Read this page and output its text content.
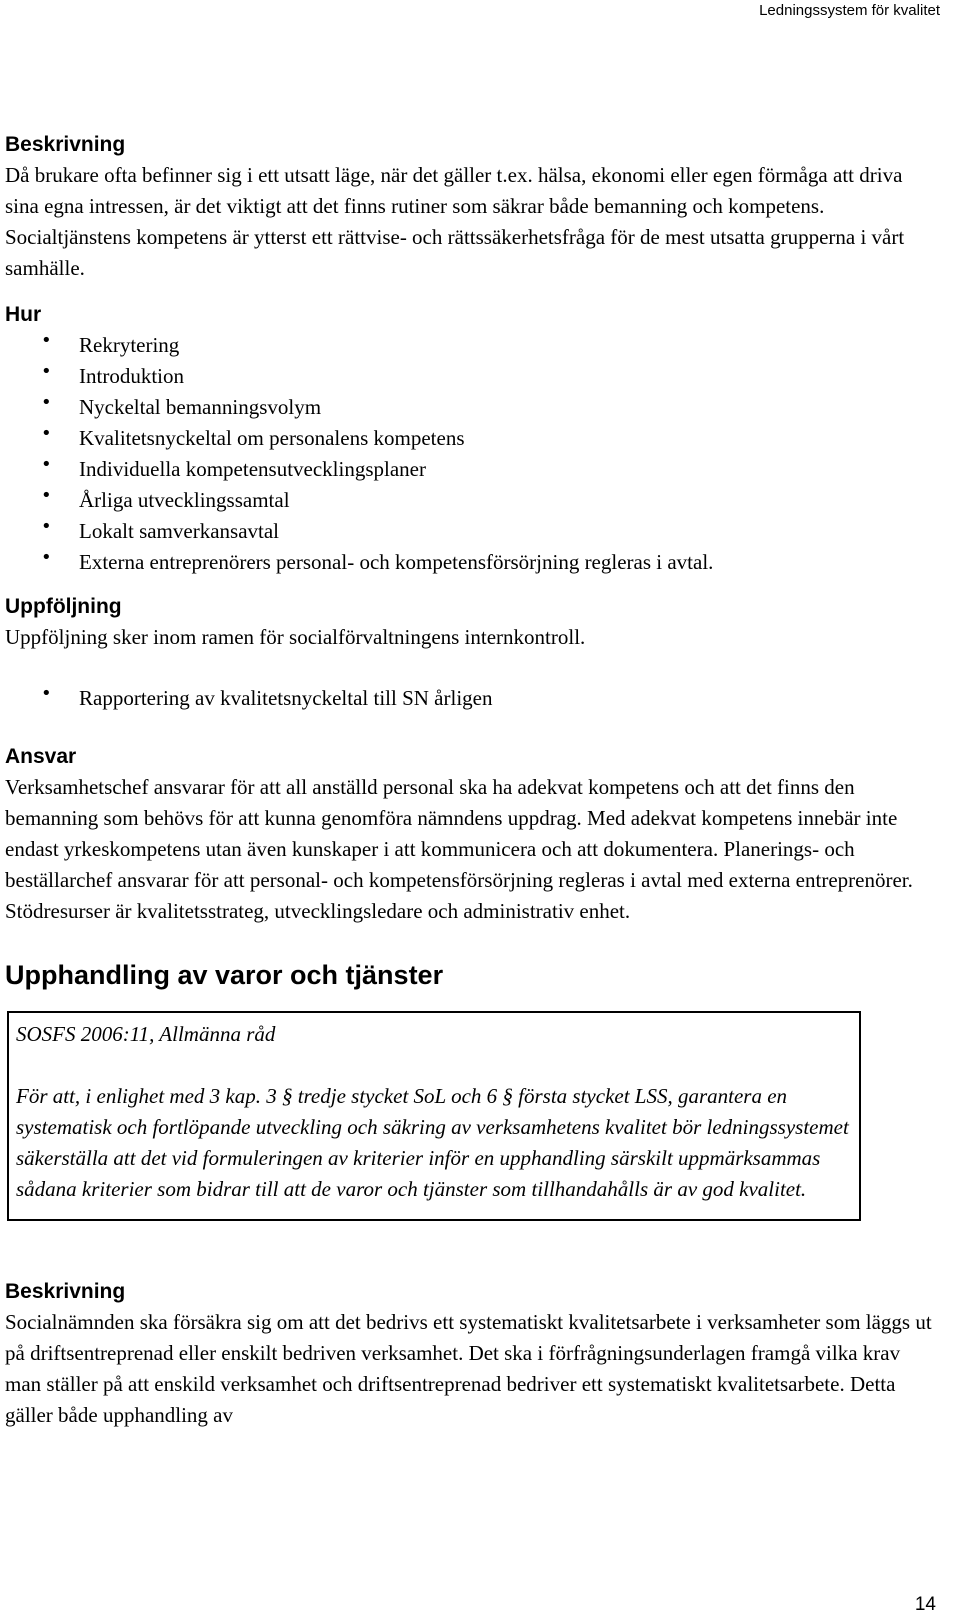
Ledningssystem för kvalitet
Beskrivning

Då brukare ofta befinner sig i ett utsatt läge, när det gäller t.ex. hälsa, ekonomi eller egen förmåga att driva sina egna intressen, är det viktigt att det finns rutiner som säkrar både bemanning och kompetens. Socialtjänstens kompetens är ytterst ett rättvise- och rättssäkerhetsfråga för de mest utsatta grupperna i vårt samhälle.

Hur
• Rekrytering
• Introduktion
• Nyckeltal bemanningsvolym
• Kvalitetsnyckeltal om personalens kompetens
• Individuella kompetensutvecklingsplaner
• Årliga utvecklingssamtal
• Lokalt samverkansavtal
• Externa entreprenörers personal- och kompetensförsörjning regleras i avtal.
Uppföljning

Uppföljning sker inom ramen för socialförvaltningens internkontroll.

• Rapportering av kvalitetsnyckeltal till SN årligen
Ansvar

Verksamhetschef ansvarar för att all anställd personal ska ha adekvat kompetens och att det finns den bemanning som behövs för att kunna genomföra nämndens uppdrag. Med adekvat kompetens innebär inte endast yrkeskompetens utan även kunskaper i att kommunicera och att dokumentera. Planerings- och beställarchef ansvarar för att personal- och kompetensförsörjning regleras i avtal med externa entreprenörer.

Stödresurser är kvalitetsstrateg, utvecklingsledare och administrativ enhet.

Upphandling av varor och tjänster

SOSFS 2006:11, Allmänna råd

För att, i enlighet med 3 kap. 3 § tredje stycket SoL och 6 § första stycket LSS, garantera en systematisk och fortlöpande utveckling och säkring av verksamhetens kvalitet bör ledningssystemet säkerställa att det vid formuleringen av kriterier inför en upphandling särskilt uppmärksammas sådana kriterier som bidrar till att de varor och tjänster som tillhandahålls är av god kvalitet.

Beskrivning

Socialnämnden ska försäkra sig om att det bedrivs ett systematiskt kvalitetsarbete i verksamheter som läggs ut på driftsentreprenad eller enskilt bedriven verksamhet. Det ska i förfrågningsunderlagen framgå vilka krav man ställer på att enskild verksamhet och driftsentreprenad bedriver ett systematiskt kvalitetsarbete. Detta gäller både upphandling av

14
